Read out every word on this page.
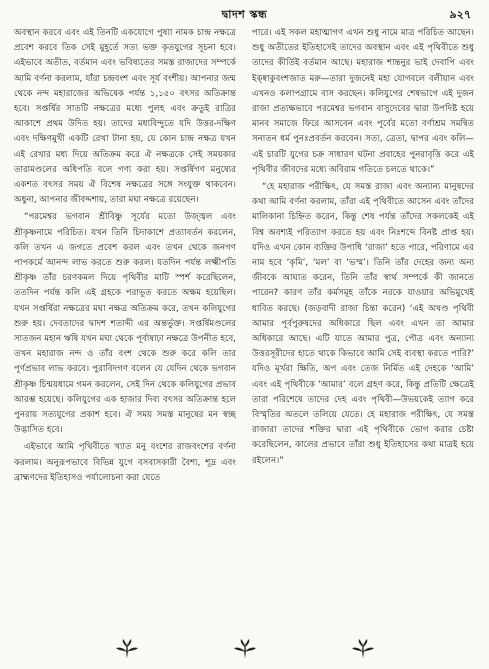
দ্বাদশ স্কন্ধ	৯২৭

অবস্থান করবে এবং এই তিনটি একযোগে পুষ্যা নামক চান্দ্র নক্ষত্রে প্রবেশ করবে তিক সেই মুহূর্তে সত্য ভক্ত কৃতযুগের সূচনা হবে। এইভাবে অতীত, বর্তমান এবং ভবিষ্যতের সমস্ত রাজাদের সম্পর্কে আমি বর্ণনা করলাম, যাঁরা চন্দ্রবংশ এবং সূর্য বংশীয়। আপনার জন্ম থেকে নন্দ মহারাজের অভিষেক পর্যন্ত ১,১৫০ বৎসর অতিক্রান্ত হবে। সপ্তর্ষির সাতটি নক্ষত্রের মধ্যে পুলহ এবং ক্রতুই রাত্রির আকাশে প্রথম উদিত হয়। তাদের মধ্যবিন্দুতে যদি উত্তর-দক্ষিণ এবং দক্ষিণমুখী একটি রেখা টানা হয়, যে কোন চান্দ্র নক্ষত্র যখন এই রেখার মধ্য দিয়ে অতিক্রম করে ঐ নক্ষত্রকে সেই সময়কার তারামণ্ডলের অধিপতি বলে গণ্য করা হয়। সপ্তর্ষিগণ মনুষ্যের একশত বৎসর সময় ঐ বিশেষ নক্ষত্রের সঙ্গে সংযুক্ত থাকবেন। অধুনা, আপনার জীবদ্দশায়, তারা মঘা নক্ষত্রে রয়েছেন।

“পরমেশ্বর ভগবান শ্রীবিষ্ণু সূর্যের মতো উজ্জ্বল এবং শ্রীকৃষ্ণনামে পরিচিত। যখন তিনি চিদাকাশে প্রত্যাবর্তন করলেন, কলি তখন এ জগতে প্রবেশ করল এবং তখন থেকে জনগণ পাপকর্মে আনন্দ লাভ করতে শুরু করল। যতদিন পর্যন্ত লক্ষ্মীপতি শ্রীকৃষ্ণ তাঁর চরণকমল দিয়ে পৃথিবীর মাটি স্পর্শ করেছিলেন, ততদিন পর্যন্ত কলি এই গ্রহকে পরাভূত করতে অক্ষম হয়েছিল। যখন সপ্তর্ষিরা নক্ষত্রের মঘা নক্ষত্র অতিক্রম করে, তখন কলিযুগের শুরু হয়। দেবতাদের দ্বাদশ শতাব্দী এর অন্তর্ভুক্ত। সপ্তর্ষিমণ্ডলের সাতজন মহান ঋষি যখন মঘা থেকে পূর্বাষাঢ়া নক্ষত্রে উপনীত হবে, তখন মহারাজ নন্দ ও তাঁর বংশ থেকে শুরু করে কলি তার পূর্ণপ্রভাব লাভ করবে। পুরাবিদগণ বলেন যে যেদিন থেকে ভগবান শ্রীকৃষ্ণ চিন্ময়ধামে গমন করলেন, সেই দিন থেকে কলিযুগের প্রভাব আরম্ভ হয়েছে। কলিযুগের এক হাজার দিব্য বৎসর অতিক্রান্ত হলে পুনরায় সত্যযুগের প্রকাশ হবে। ঐ সময় সমস্ত মানুষের মন স্বচ্ছ উদ্ভাসিত হবে।

এইভাবে আমি পৃথিবীতে খ্যাত মনু বংশের রাজবংশের বর্ণনা করলাম। অনুরূপভাবে বিভিন্ন যুগে বসবাসকারী বৈশ্য, শূদ্র এবং ব্রাহ্মণদের ইতিহাসও পর্যালোচনা করা যেতে

পারে। এই সকল মহাত্মাগণ এখন শুধু নামে মাত্র পরিচিত আছেন। শুধু অতীতের ইতিহাসেই তাদের অবস্থান এবং এই পৃথিবীতে শুধু তাদের কীর্তিই বর্তমান আছে। মহারাজ শান্তনুর ভাই দেবাপি এবং ইক্ষ্বাকুবংশজাত মরু—তারা দুজনেই মহা যোগবলে বলীয়ান এবং এখনও কলাপগ্রামে বাস করছেন। কলিযুগের শেষভাগে এই দুজন রাজা প্রত্যক্ষভাবে পরমেশ্বর ভগবান বাসুদেবের দ্বারা উপদিষ্ট হয়ে মানব সমাজে ফিরে আসবেন এবং পূর্বের মতো বর্ণাশ্রম সমন্বিত সনাতন ধর্ম পুনঃপ্রবর্তন করবেন। সত্য, ত্রেতা, দ্বাপর এবং কলি—এই চারটি যুগের চক্র সাধারণ ঘটনা প্রবাহের পুনরাবৃত্তি করে এই পৃথিবীর জীবদের মধ্যে অবিরাম গতিতে চলতে থাকে।”

“হে মহারাজ পরীক্ষিৎ, যে সমস্ত রাজা এবং অন্যান্য মানুষদের কথা আমি বর্ণনা করলাম, তাঁরা এই পৃথিবীতে আসেন এবং তাঁদের মালিকানা চিহ্নিত করেন, কিন্তু শেষ পর্যন্ত তাঁদের সকলকেই এই বিশ্ব অবশ্যই পরিত্যাগ করতে হয় এবং নিঃশব্দে বিনষ্ট প্রাপ্ত হয়। যদিও এখন কোন ব্যক্তির উপাধি ‘রাজা’ হতে পারে, পরিণামে এর নাম হবে ‘কৃমি’, ‘মল’ বা ‘ভস্ম’। তিনি তাঁর দেহের জন্য অন্য জীবকে আঘাত করেন, তিনি তাঁর স্বার্থ সম্পর্কে কী জানতে পারেন? কারণ তাঁর কর্মসমূহ তাঁকে নরকে যাওয়ার অভিমুখেই ধাবিত করছে। (জড়বাদী রাজা চিন্তা করেন) ‘এই অখণ্ড পৃথিবী আমার পূর্বপুরুষদের অধিকারে ছিল এবং এখন তা আমার অধিকারে আছে। এটি যাতে আমার পুত্র, পৌত্র এবং অন্যান্য উত্তরসূরীদের হাতে থাকে কিভাবে আমি সেই ব্যবস্থা করতে পারি?’ যদিও মূর্খরা ক্ষিতি, অপ এবং তেজ নির্মিত এই দেহকে ‘আমি’ এবং এই পৃথিবীকে ‘আমার’ বলে গ্রহণ করে, কিন্তু প্রতিটি ক্ষেত্রেই তারা পরিশেষে তাদের দেহ এবং পৃথিবী—উভয়কেই ত্যাগ করে বিস্মৃতির অতলে তলিয়ে যেতে। হে মহারাজ পরীক্ষিৎ, যে সমস্ত রাজারা তাদের শক্তির দ্বারা এই পৃথিবীকে ভোগ করার চেষ্টা করেছিলেন, কালের প্রভাবে তাঁরা শুধু ইতিহাসের কথা মাত্রই হয়ে রইলেন।”
